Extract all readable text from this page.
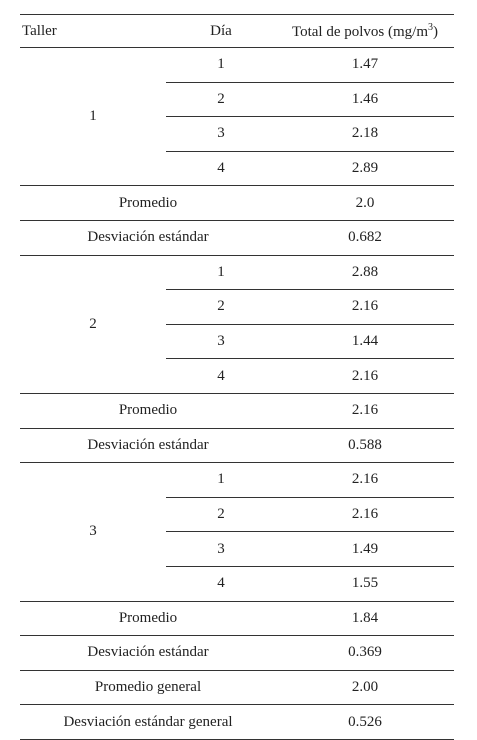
Taller	Día	Total de polvos $(mg/m^3)$
1	1	1.47
	2	1.46
	3	2.18
	4	2.89
Promedio		2.0
Desviación estándar		0.682
2	1	2.88
	2	2.16
	3	1.44
	4	2.16
Promedio		2.16
Desviación estándar		0.588
3	1	2.16
	2	2.16
	3	1.49
	4	1.55
Promedio		1.84
Desviación estándar		0.369
Promedio general		2.00
Desviación estándar general		0.526
